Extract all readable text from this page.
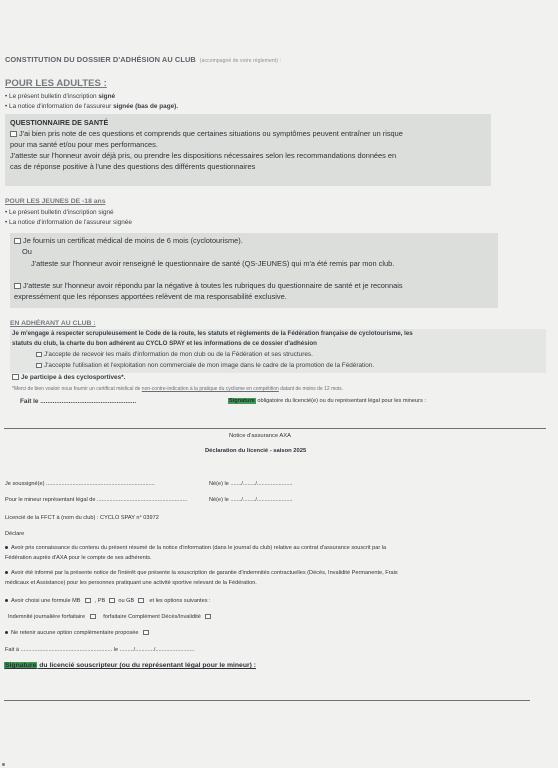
CONSTITUTION DU DOSSIER D'ADHÉSION AU CLUB (accompagné de votre règlement) :
POUR LES ADULTES :
• Le présent bulletin d'inscription signé
• La notice d'information de l'assureur signée (bas de page).
QUESTIONNAIRE DE SANTÉ
J'ai bien pris note de ces questions et comprends que certaines situations ou symptômes peuvent entraîner un risque
pour ma santé et/ou pour mes performances.
J'atteste sur l'honneur avoir déjà pris, ou prendre les dispositions nécessaires selon les recommandations données en
cas de réponse positive à l'une des questions des différents questionnaires
POUR LES JEUNES DE -18 ans
• Le présent bulletin d'inscription signé
• La notice d'information de l'assureur signée
Je fournis un certificat médical de moins de 6 mois (cyclotourisme).
Ou
J'atteste sur l'honneur avoir renseigné le questionnaire de santé (QS-JEUNES) qui m'a été remis par mon club.
J'atteste sur l'honneur avoir répondu par la négative à toutes les rubriques du questionnaire de santé et je reconnais
expressément que les réponses apportées relèvent de ma responsabilité exclusive.
EN ADHÉRANT AU CLUB :
Je m'engage à respecter scrupuleusement le Code de la route, les statuts et règlements de la Fédération française de cyclotourisme, les
statuts du club, la charte du bon adhérent au CYCLO SPAY et les informations de ce dossier d'adhésion
J'accepte de recevoir les mails d'information de mon club ou de la Fédération et ses structures.
J'accepte l'utilisation et l'exploitation non commerciale de mon image dans le cadre de la promotion de la Fédération.
Je participe à des cyclosportives*.
*Merci de bien vouloir nous fournir un certificat médical de non-contre-indication à la pratique du cyclisme en compétition datant de moins de 12 mois.
Fait le ......................................................	Signature obligatoire du licencié(e) ou du représentant légal pour les mineurs :
Notice d'assurance AXA
Déclaration du licencié - saison 2025
Je soussigné(e) ......................................................................	Né(e) le ......./......../.......................
Pour le mineur représentant légal de ..........................................................	Né(e) le ......./......../.......................
Licencié de la FFCT à (nom du club) : CYCLO SPAY n° 03972
Déclare
Avoir pris connaissance du contenu du présent résumé de la notice d'information (dans le journal du club) relative au contrat d'assurance souscrit par la
Fédération auprès d'AXA pour le compte de ses adhérents.
Avoir été informé par la présente notice de l'intérêt que présente la souscription de garantie d'indemnités contractuelles (Décès, Invalidité Permanente, Frais
médicaux et Assistance) pour les personnes pratiquant une activité sportive relevant de la Fédération.
Avoir choisi une formule MB	, PB ou GB	et les options suivantes :
Indemnité journalière forfaitaire	forfaitaire Complément Décès/Invalidité
Ne retenir aucune option complémentaire proposée
Fait à ........................................................... le ........./............/.........................
Signature du licencié souscripteur (ou du représentant légal pour le mineur) :
